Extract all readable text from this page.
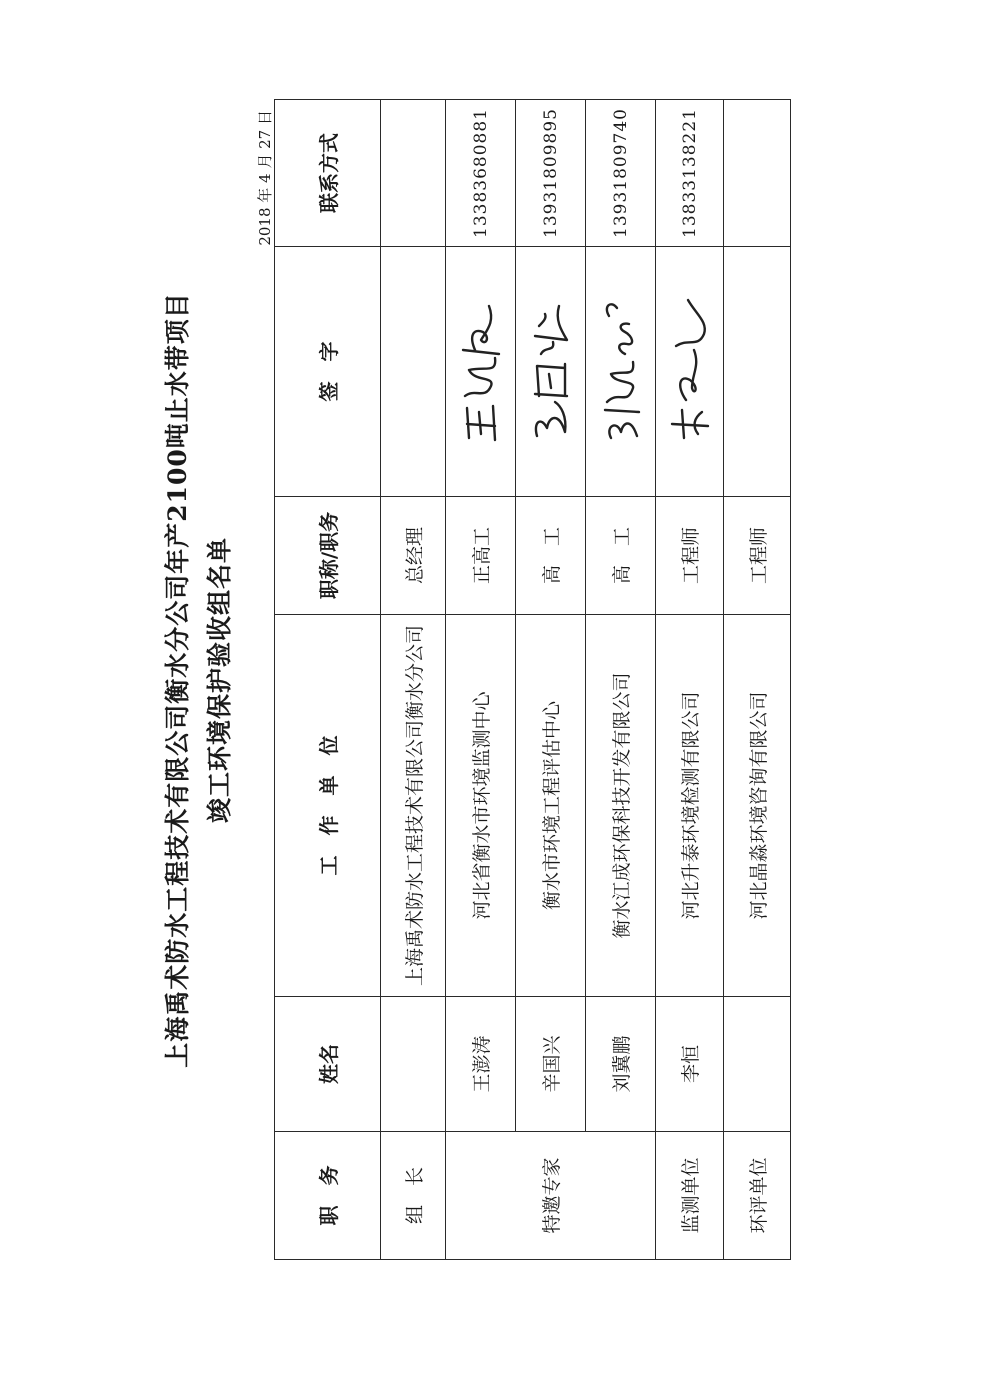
上海禹术防水工程技术有限公司衡水分公司年产2100吨止水带项目 竣工环境保护验收组名单
2018 年 4 月 27 日
职　务	姓名	工　作　单　位	职称/职务	签　字	联系方式
组　长		上海禹术防水工程技术有限公司衡水分公司	总经理		
特邀专家	王澎涛	河北省衡水市环境监测中心	正高工		13383680881
	辛国兴	衡水市环境工程评估中心	高　工		13931809895
	刘冀鹏	衡水江成环保科技开发有限公司	高　工		13931809740
监测单位	李恒	河北升泰环境检测有限公司	工程师		13833138221
环评单位		河北晶淼环境咨询有限公司	工程师		
